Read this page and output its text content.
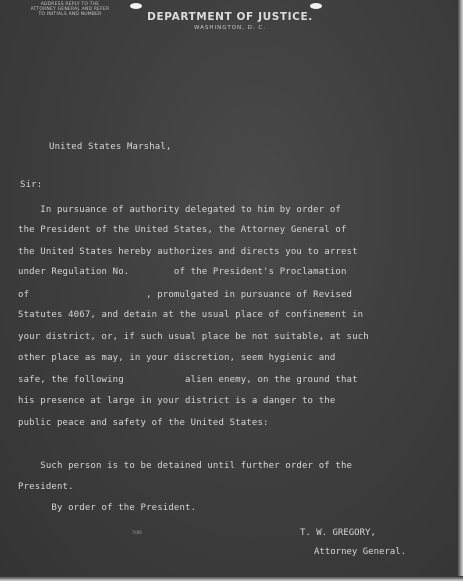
ADDRESS REPLY TO THE ATTORNEY GENERAL AND REFER TO INITIALS AND NUMBER	DEPARTMENT OF JUSTICE.
WASHINGTON, D. C.
United States Marshal,
Sir:
In pursuance of authority delegated to him by order of
the President of the United States, the Attorney General of
the United States hereby authorizes and directs you to arrest
under Regulation No.        of the President's Proclamation
of                     , promulgated in pursuance of Revised
Statutes 4067, and detain at the usual place of confinement in
your district, or, if such usual place be not suitable, at such
other place as may, in your discretion, seem hygienic and
safe, the following           alien enemy, on the ground that
his presence at large in your district is a danger to the
public peace and safety of the United States:
Such person is to be detained until further order of the
President.
By order of the President.
7498	T. W. GREGORY,
Attorney General.
